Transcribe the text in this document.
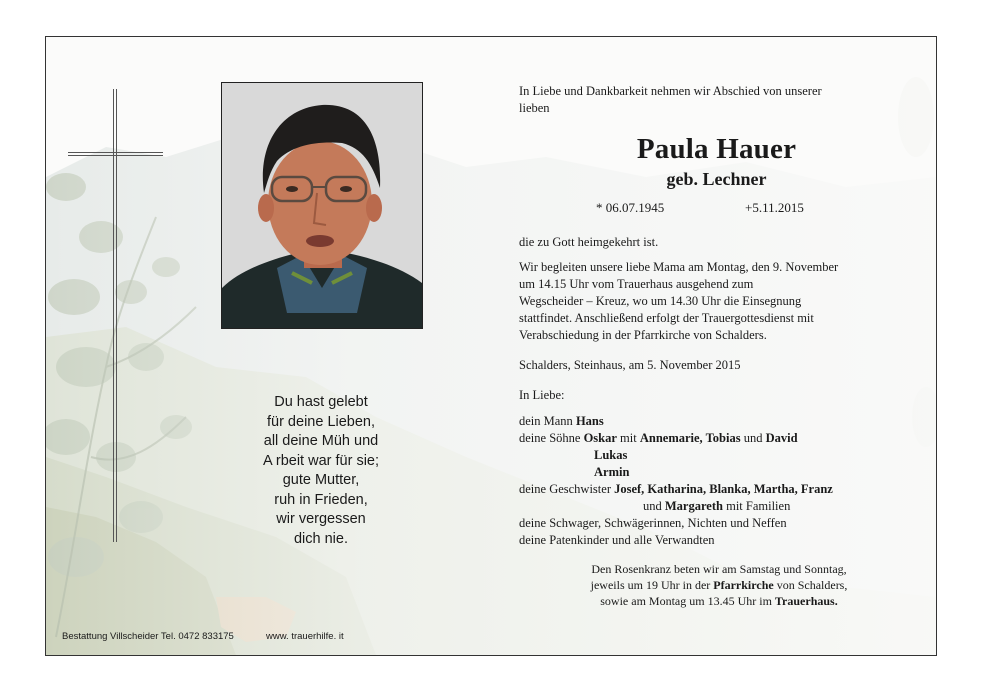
Du hast gelebt
für deine Lieben,
all deine Müh und
A rbeit war für sie;
gute Mutter,
ruh in Frieden,
wir vergessen
dich nie.
Bestattung Villscheider Tel. 0472 833175	www. trauerhilfe. it
In Liebe und Dankbarkeit nehmen wir Abschied von unserer
lieben
Paula Hauer
geb. Lechner
* 06.07.1945	+5.11.2015
die zu Gott heimgekehrt ist.
Wir begleiten unsere liebe Mama am Montag, den 9. November
um 14.15 Uhr vom Trauerhaus ausgehend zum
Wegscheider – Kreuz, wo um 14.30 Uhr die Einsegnung
stattfindet. Anschließend erfolgt der Trauergottesdienst mit
Verabschiedung in der Pfarrkirche von Schalders.
Schalders, Steinhaus, am 5. November 2015
In Liebe:
dein Mann Hans
deine Söhne Oskar mit Annemarie, Tobias und David
Lukas
Armin
deine Geschwister Josef, Katharina, Blanka, Martha, Franz
und Margareth mit Familien
deine Schwager, Schwägerinnen, Nichten und Neffen
deine Patenkinder und alle Verwandten
Den Rosenkranz beten wir am Samstag und Sonntag,
jeweils um 19 Uhr in der Pfarrkirche von Schalders,
sowie am Montag um 13.45 Uhr im Trauerhaus.
